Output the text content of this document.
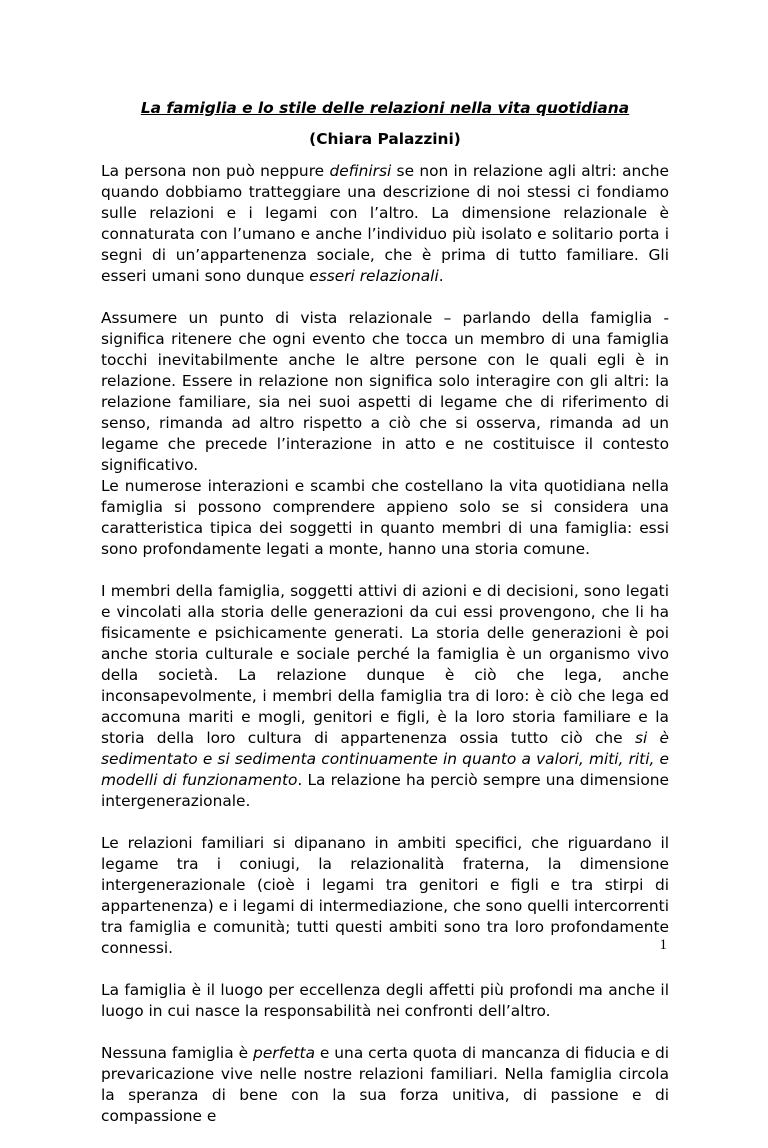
La famiglia e lo stile delle relazioni nella vita quotidiana
(Chiara Palazzini)

La persona non può neppure definirsi se non in relazione agli altri: anche quando dobbiamo tratteggiare una descrizione di noi stessi ci fondiamo sulle relazioni e i legami con l’altro. La dimensione relazionale è connaturata con l’umano e anche l’individuo più isolato e solitario porta i segni di un’appartenenza sociale, che è prima di tutto familiare. Gli esseri umani sono dunque esseri relazionali.

Assumere un punto di vista relazionale – parlando della famiglia - significa ritenere che ogni evento che tocca un membro di una famiglia tocchi inevitabilmente anche le altre persone con le quali egli è in relazione. Essere in relazione non significa solo interagire con gli altri: la relazione familiare, sia nei suoi aspetti di legame che di riferimento di senso, rimanda ad altro rispetto a ciò che si osserva, rimanda ad un legame che precede l’interazione in atto e ne costituisce il contesto significativo.

Le numerose interazioni e scambi che costellano la vita quotidiana nella famiglia si possono comprendere appieno solo se si considera una caratteristica tipica dei soggetti in quanto membri di una famiglia: essi sono profondamente legati a monte, hanno una storia comune.

I membri della famiglia, soggetti attivi di azioni e di decisioni, sono legati e vincolati alla storia delle generazioni da cui essi provengono, che li ha fisicamente e psichicamente generati. La storia delle generazioni è poi anche storia culturale e sociale perché la famiglia è un organismo vivo della società. La relazione dunque è ciò che lega, anche inconsapevolmente, i membri della famiglia tra di loro: è ciò che lega ed accomuna mariti e mogli, genitori e figli, è la loro storia familiare e la storia della loro cultura di appartenenza ossia tutto ciò che si è sedimentato e si sedimenta continuamente in quanto a valori, miti, riti, e modelli di funzionamento. La relazione ha perciò sempre una dimensione intergenerazionale.

Le relazioni familiari si dipanano in ambiti specifici, che riguardano il legame tra i coniugi, la relazionalità fraterna, la dimensione intergenerazionale (cioè i legami tra genitori e figli e tra stirpi di appartenenza) e i legami di intermediazione, che sono quelli intercorrenti tra famiglia e comunità; tutti questi ambiti sono tra loro profondamente connessi.

La famiglia è il luogo per eccellenza degli affetti più profondi ma anche il luogo in cui nasce la responsabilità nei confronti dell’altro.

Nessuna famiglia è perfetta e una certa quota di mancanza di fiducia e di prevaricazione vive nelle nostre relazioni familiari. Nella famiglia circola la speranza di bene con la sua forza unitiva, di passione e di compassione e

1
